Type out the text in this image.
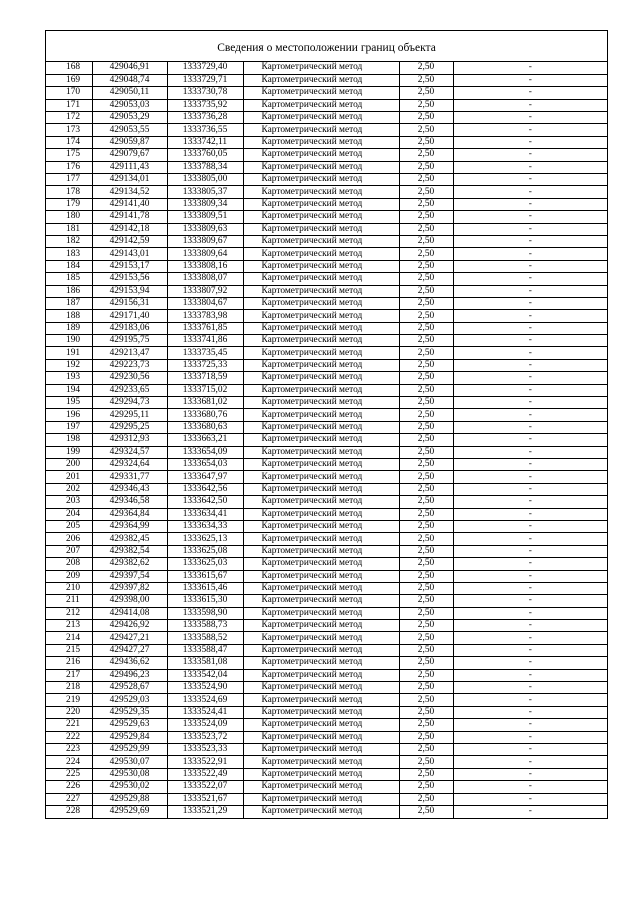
Сведения о местоположении границ объекта
168	429046,91	1333729,40	Картометрический метод	2,50	-
169	429048,74	1333729,71	Картометрический метод	2,50	-
170	429050,11	1333730,78	Картометрический метод	2,50	-
171	429053,03	1333735,92	Картометрический метод	2,50	-
172	429053,29	1333736,28	Картометрический метод	2,50	-
173	429053,55	1333736,55	Картометрический метод	2,50	-
174	429059,87	1333742,11	Картометрический метод	2,50	-
175	429079,67	1333760,05	Картометрический метод	2,50	-
176	429111,43	1333788,34	Картометрический метод	2,50	-
177	429134,01	1333805,00	Картометрический метод	2,50	-
178	429134,52	1333805,37	Картометрический метод	2,50	-
179	429141,40	1333809,34	Картометрический метод	2,50	-
180	429141,78	1333809,51	Картометрический метод	2,50	-
181	429142,18	1333809,63	Картометрический метод	2,50	-
182	429142,59	1333809,67	Картометрический метод	2,50	-
183	429143,01	1333809,64	Картометрический метод	2,50	-
184	429153,17	1333808,16	Картометрический метод	2,50	-
185	429153,56	1333808,07	Картометрический метод	2,50	-
186	429153,94	1333807,92	Картометрический метод	2,50	-
187	429156,31	1333804,67	Картометрический метод	2,50	-
188	429171,40	1333783,98	Картометрический метод	2,50	-
189	429183,06	1333761,85	Картометрический метод	2,50	-
190	429195,75	1333741,86	Картометрический метод	2,50	-
191	429213,47	1333735,45	Картометрический метод	2,50	-
192	429223,73	1333725,33	Картометрический метод	2,50	-
193	429230,56	1333718,59	Картометрический метод	2,50	-
194	429233,65	1333715,02	Картометрический метод	2,50	-
195	429294,73	1333681,02	Картометрический метод	2,50	-
196	429295,11	1333680,76	Картометрический метод	2,50	-
197	429295,25	1333680,63	Картометрический метод	2,50	-
198	429312,93	1333663,21	Картометрический метод	2,50	-
199	429324,57	1333654,09	Картометрический метод	2,50	-
200	429324,64	1333654,03	Картометрический метод	2,50	-
201	429331,77	1333647,97	Картометрический метод	2,50	-
202	429346,43	1333642,56	Картометрический метод	2,50	-
203	429346,58	1333642,50	Картометрический метод	2,50	-
204	429364,84	1333634,41	Картометрический метод	2,50	-
205	429364,99	1333634,33	Картометрический метод	2,50	-
206	429382,45	1333625,13	Картометрический метод	2,50	-
207	429382,54	1333625,08	Картометрический метод	2,50	-
208	429382,62	1333625,03	Картометрический метод	2,50	-
209	429397,54	1333615,67	Картометрический метод	2,50	-
210	429397,82	1333615,46	Картометрический метод	2,50	-
211	429398,00	1333615,30	Картометрический метод	2,50	-
212	429414,08	1333598,90	Картометрический метод	2,50	-
213	429426,92	1333588,73	Картометрический метод	2,50	-
214	429427,21	1333588,52	Картометрический метод	2,50	-
215	429427,27	1333588,47	Картометрический метод	2,50	-
216	429436,62	1333581,08	Картометрический метод	2,50	-
217	429496,23	1333542,04	Картометрический метод	2,50	-
218	429528,67	1333524,90	Картометрический метод	2,50	-
219	429529,03	1333524,69	Картометрический метод	2,50	-
220	429529,35	1333524,41	Картометрический метод	2,50	-
221	429529,63	1333524,09	Картометрический метод	2,50	-
222	429529,84	1333523,72	Картометрический метод	2,50	-
223	429529,99	1333523,33	Картометрический метод	2,50	-
224	429530,07	1333522,91	Картометрический метод	2,50	-
225	429530,08	1333522,49	Картометрический метод	2,50	-
226	429530,02	1333522,07	Картометрический метод	2,50	-
227	429529,88	1333521,67	Картометрический метод	2,50	-
228	429529,69	1333521,29	Картометрический метод	2,50	-
